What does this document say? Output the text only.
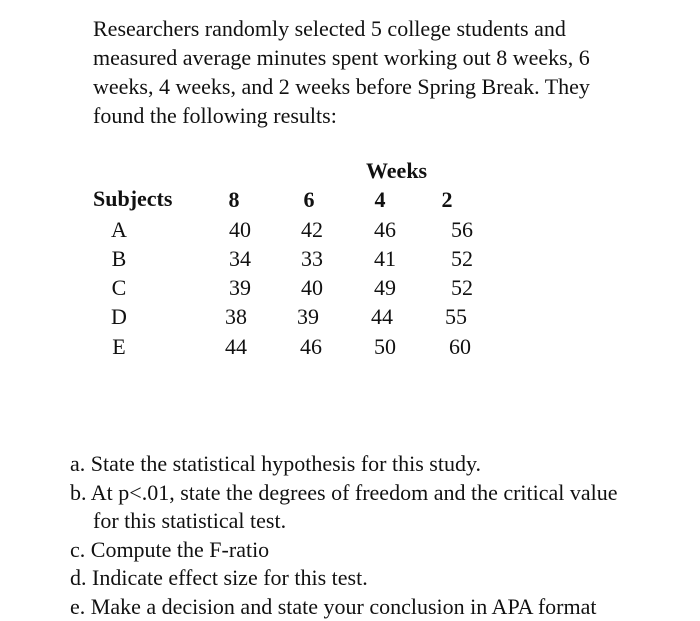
Researchers randomly selected 5 college students and
measured average minutes spent working out 8 weeks, 6
weeks, 4 weeks, and 2 weeks before Spring Break. They
found the following results:

Weeks
Subjects	8	6	4	2
A	40	42	46	56
B	34	33	41	52
C	39	40	49	52
D	38	39	44	55
E	44	46	50	60
a. State the statistical hypothesis for this study.
b. At p<.01, state the degrees of freedom and the critical value
for this statistical test.
c. Compute the F-ratio
d. Indicate effect size for this test.
e. Make a decision and state your conclusion in APA format
